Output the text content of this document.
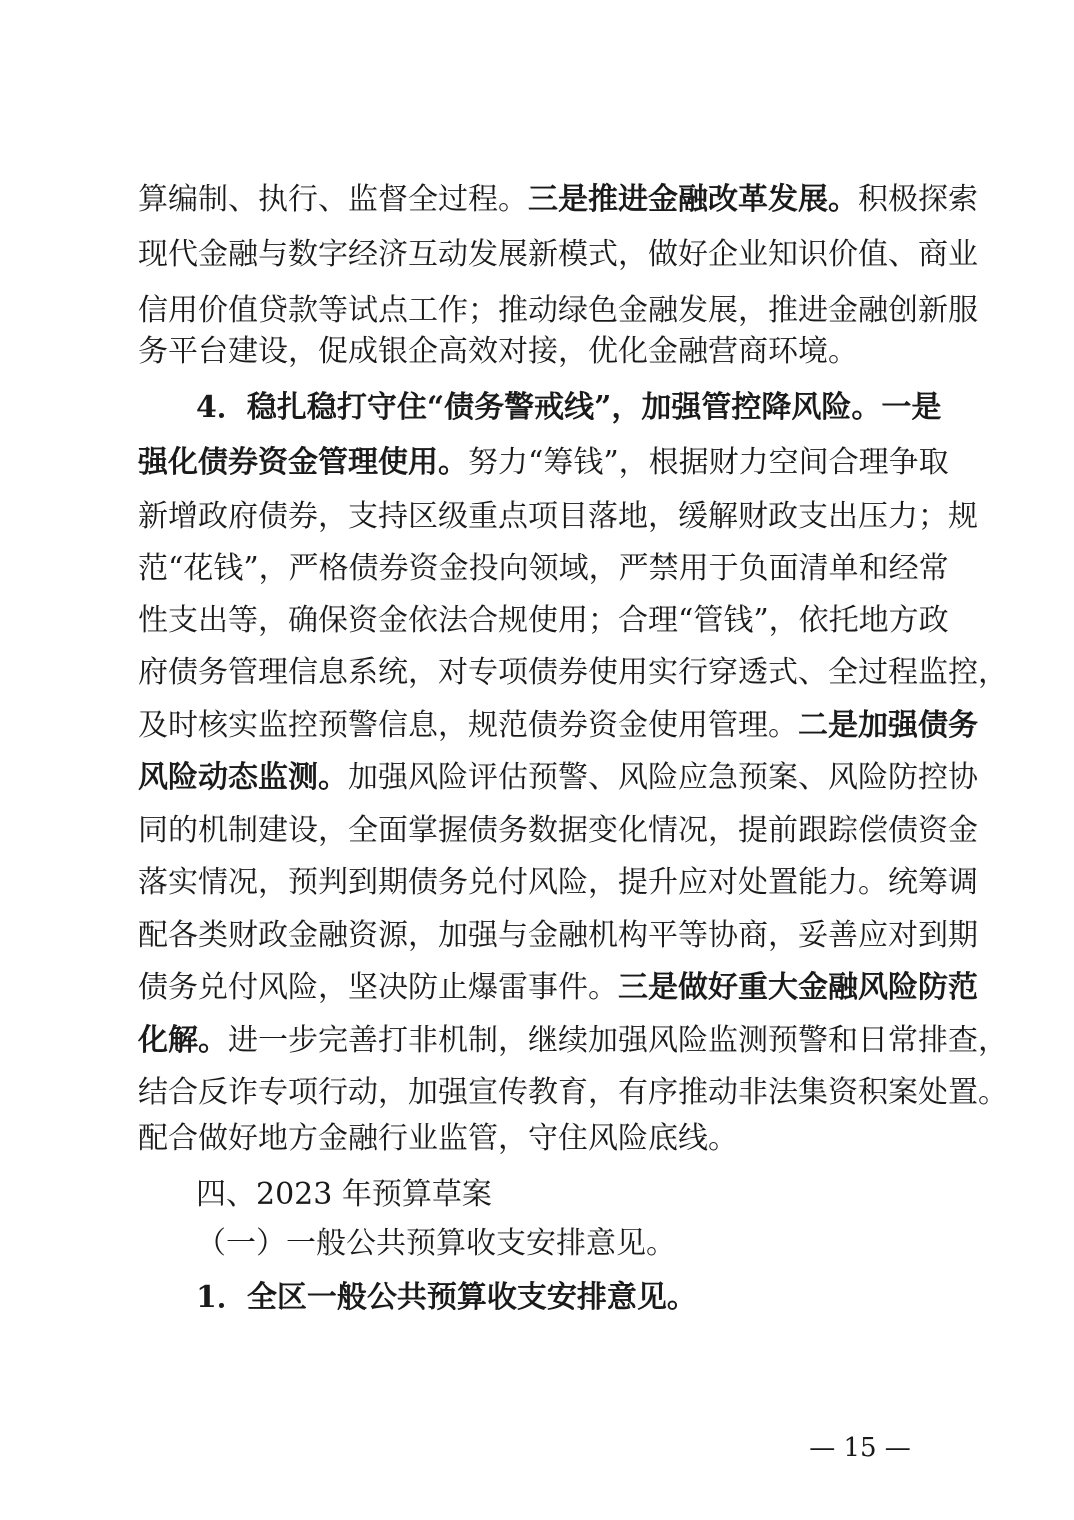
算编制、执行、监督全过程。三是推进金融改革发展。积极探索
现代金融与数字经济互动发展新模式，做好企业知识价值、商业
信用价值贷款等试点工作；推动绿色金融发展，推进金融创新服
务平台建设，促成银企高效对接，优化金融营商环境。
4．稳扎稳打守住“债务警戒线”，加强管控降风险。一是
强化债券资金管理使用。努力“筹钱”，根据财力空间合理争取
新增政府债券，支持区级重点项目落地，缓解财政支出压力；规
范“花钱”，严格债券资金投向领域，严禁用于负面清单和经常
性支出等，确保资金依法合规使用；合理“管钱”，依托地方政
府债务管理信息系统，对专项债券使用实行穿透式、全过程监控，
及时核实监控预警信息，规范债券资金使用管理。二是加强债务
风险动态监测。加强风险评估预警、风险应急预案、风险防控协
同的机制建设，全面掌握债务数据变化情况，提前跟踪偿债资金
落实情况，预判到期债务兑付风险，提升应对处置能力。统筹调
配各类财政金融资源，加强与金融机构平等协商，妥善应对到期
债务兑付风险，坚决防止爆雷事件。三是做好重大金融风险防范
化解。进一步完善打非机制，继续加强风险监测预警和日常排查，
结合反诈专项行动，加强宣传教育，有序推动非法集资积案处置。
配合做好地方金融行业监管，守住风险底线。
四、2023 年预算草案
（一）一般公共预算收支安排意见。
1．全区一般公共预算收支安排意见。
— 15 —
